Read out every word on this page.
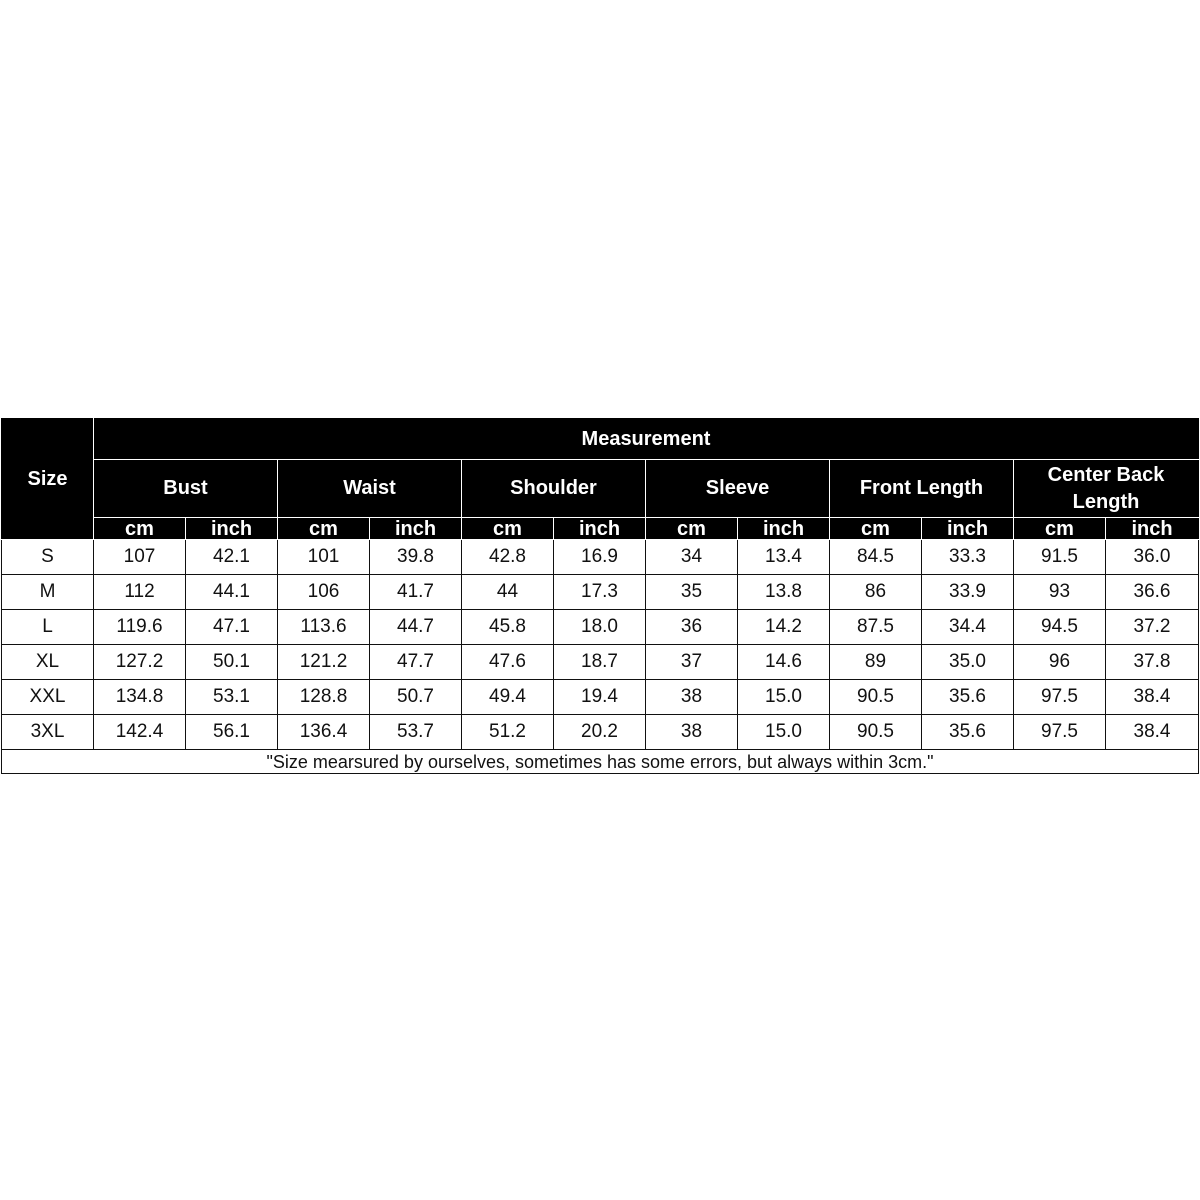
Size	Measurement											
	Bust		Waist		Shoulder		Sleeve		Front Length		Center Back Length	
	cm	inch	cm	inch	cm	inch	cm	inch	cm	inch	cm	inch
S	107	42.1	101	39.8	42.8	16.9	34	13.4	84.5	33.3	91.5	36.0
M	112	44.1	106	41.7	44	17.3	35	13.8	86	33.9	93	36.6
L	119.6	47.1	113.6	44.7	45.8	18.0	36	14.2	87.5	34.4	94.5	37.2
XL	127.2	50.1	121.2	47.7	47.6	18.7	37	14.6	89	35.0	96	37.8
XXL	134.8	53.1	128.8	50.7	49.4	19.4	38	15.0	90.5	35.6	97.5	38.4
3XL	142.4	56.1	136.4	53.7	51.2	20.2	38	15.0	90.5	35.6	97.5	38.4
"Size mearsured by ourselves, sometimes has some errors, but always within 3cm."												
